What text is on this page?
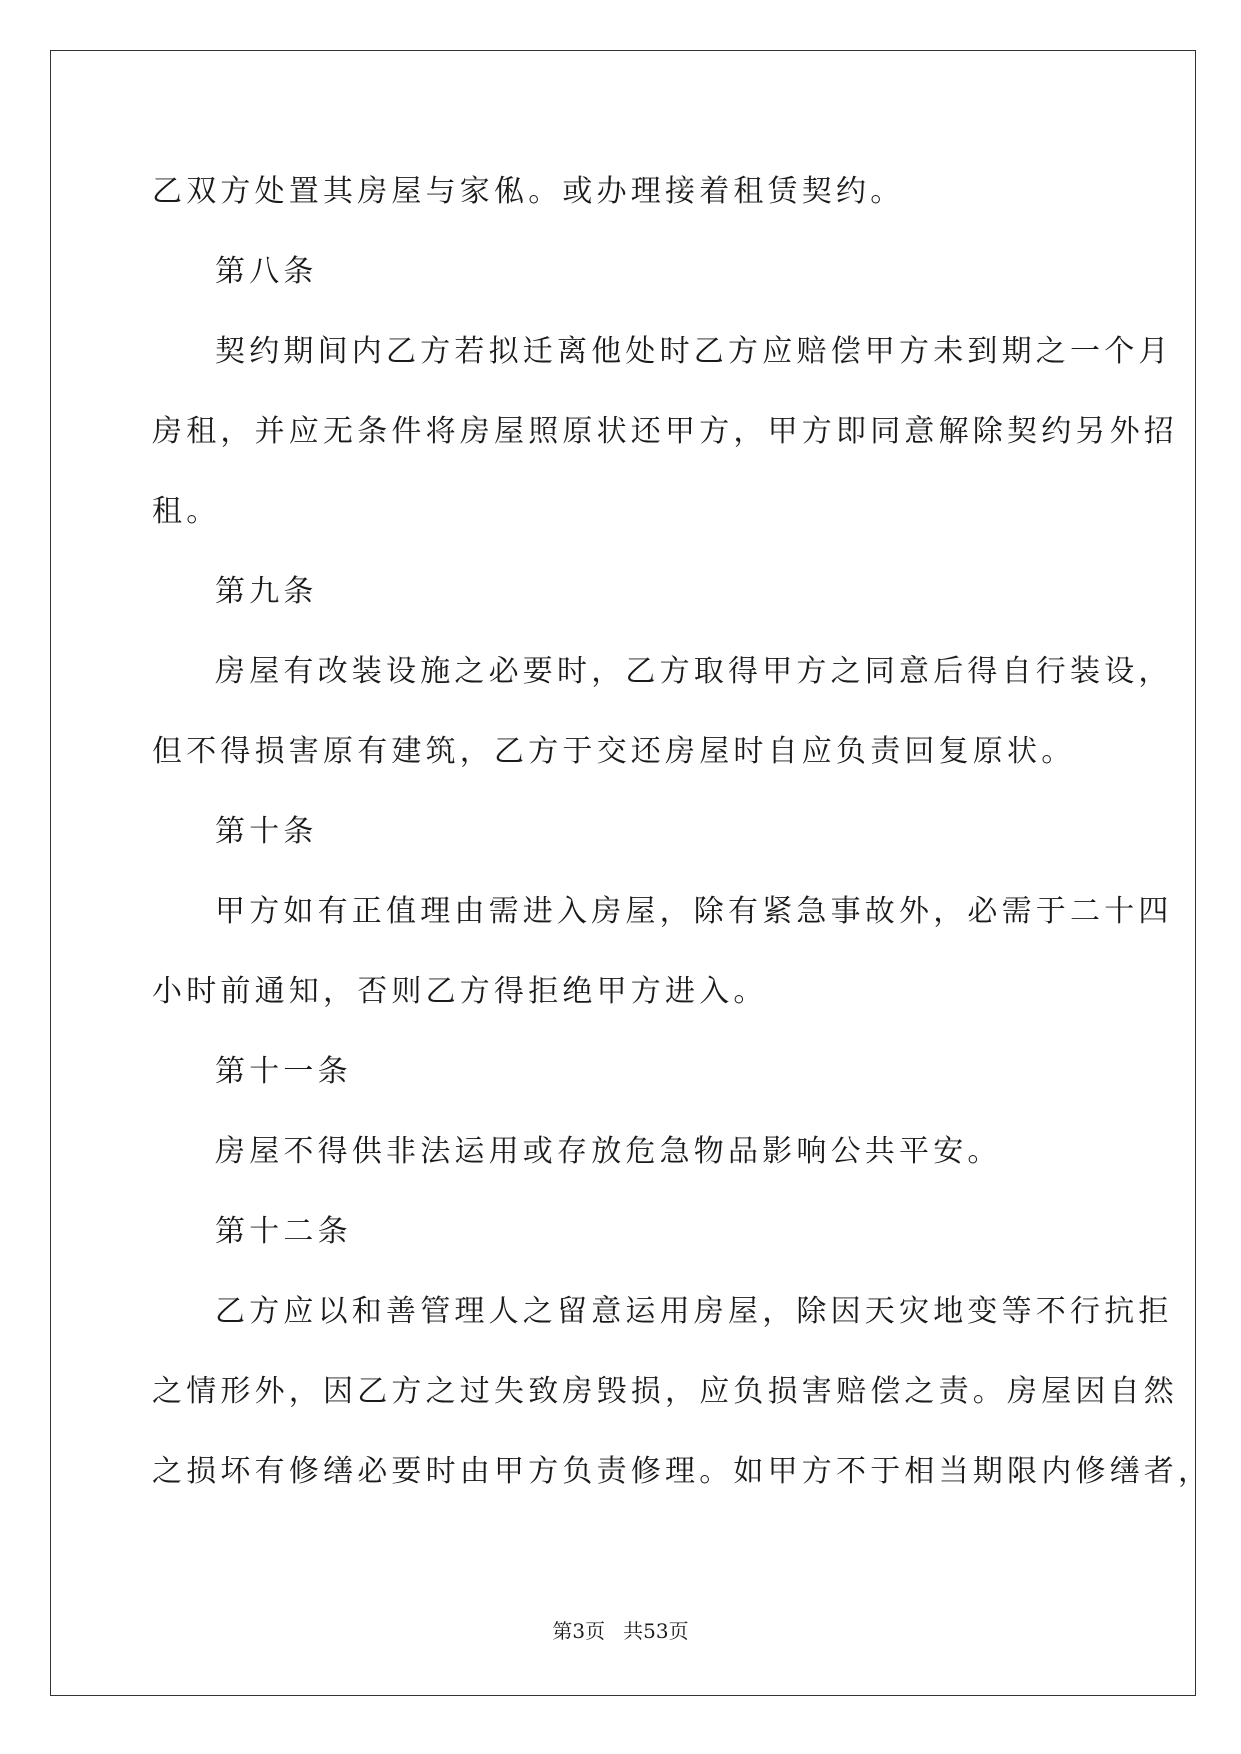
乙双方处置其房屋与家俬。或办理接着租赁契约。

第八条

契约期间内乙方若拟迁离他处时乙方应赔偿甲方未到期之一个月

房租，并应无条件将房屋照原状还甲方，甲方即同意解除契约另外招

租。

第九条

房屋有改装设施之必要时，乙方取得甲方之同意后得自行装设，

但不得损害原有建筑，乙方于交还房屋时自应负责回复原状。

第十条

甲方如有正值理由需进入房屋，除有紧急事故外，必需于二十四

小时前通知，否则乙方得拒绝甲方进入。

第十一条

房屋不得供非法运用或存放危急物品影响公共平安。

第十二条

乙方应以和善管理人之留意运用房屋，除因天灾地变等不行抗拒

之情形外，因乙方之过失致房毁损，应负损害赔偿之责。房屋因自然

之损坏有修缮必要时由甲方负责修理。如甲方不于相当期限内修缮者，

第3页 共53页
